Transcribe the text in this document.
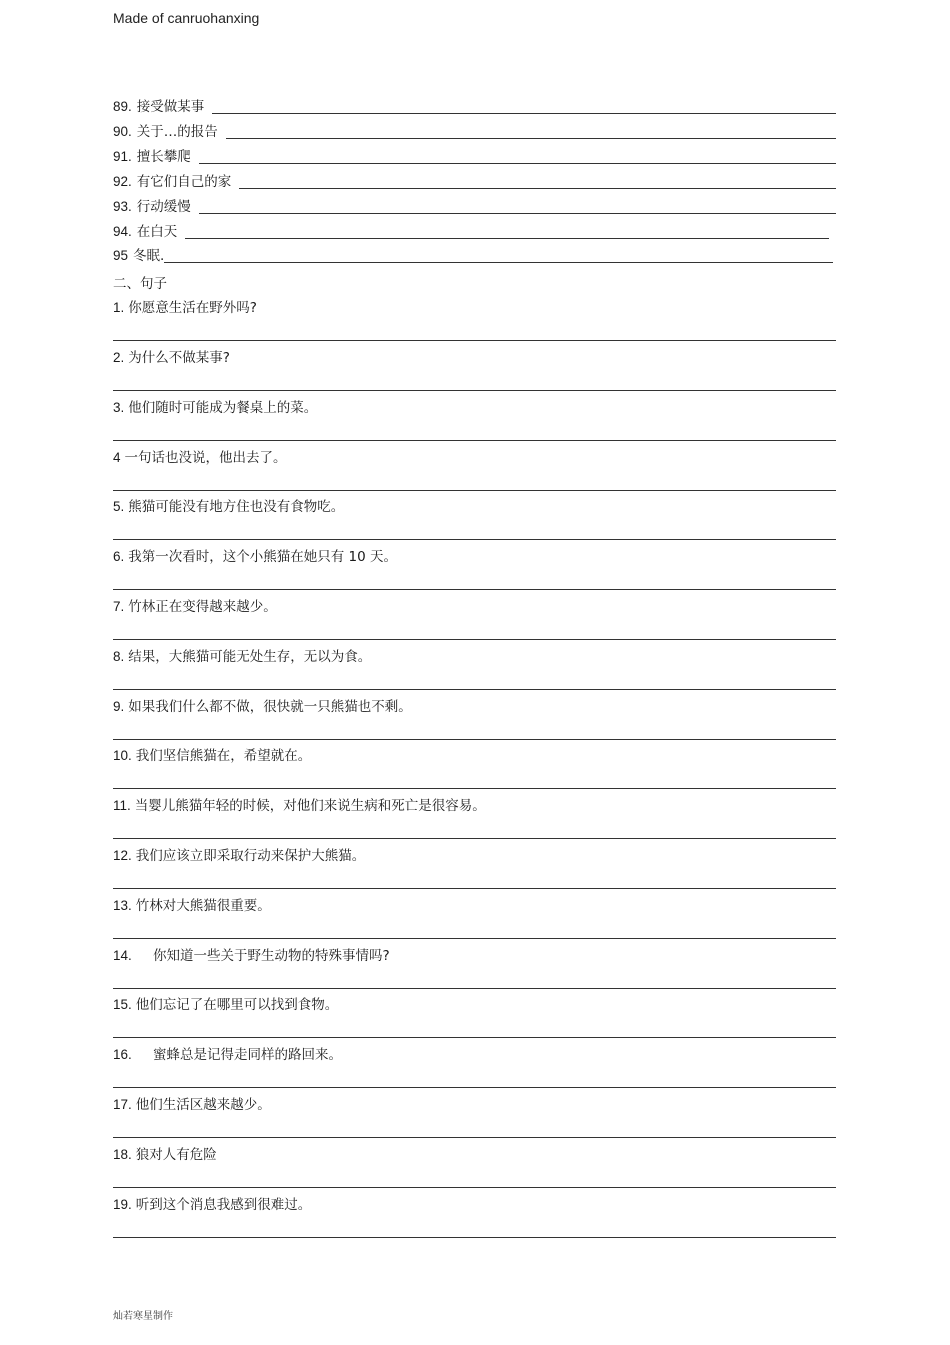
Made of canruohanxing
89. 接受做某事
90. 关于…的报告
91. 擅长攀爬
92. 有它们自己的家
93. 行动缓慢
94. 在白天
95 冬眠.
二、句子
1. 你愿意生活在野外吗?
2. 为什么不做某事?
3. 他们随时可能成为餐桌上的菜。
4 一句话也没说，他出去了。
5. 熊猫可能没有地方住也没有食物吃。
6. 我第一次看时，这个小熊猫在她只有 10 天。
7. 竹林正在变得越来越少。
8. 结果，大熊猫可能无处生存，无以为食。
9. 如果我们什么都不做，很快就一只熊猫也不剩。
10. 我们坚信熊猫在，希望就在。
11. 当婴儿熊猫年轻的时候，对他们来说生病和死亡是很容易。
12. 我们应该立即采取行动来保护大熊猫。
13. 竹林对大熊猫很重要。
14.    你知道一些关于野生动物的特殊事情吗?
15. 他们忘记了在哪里可以找到食物。
16.    蜜蜂总是记得走同样的路回来。
17. 他们生活区越来越少。
18. 狼对人有危险
19. 听到这个消息我感到很难过。
灿若寒星制作
